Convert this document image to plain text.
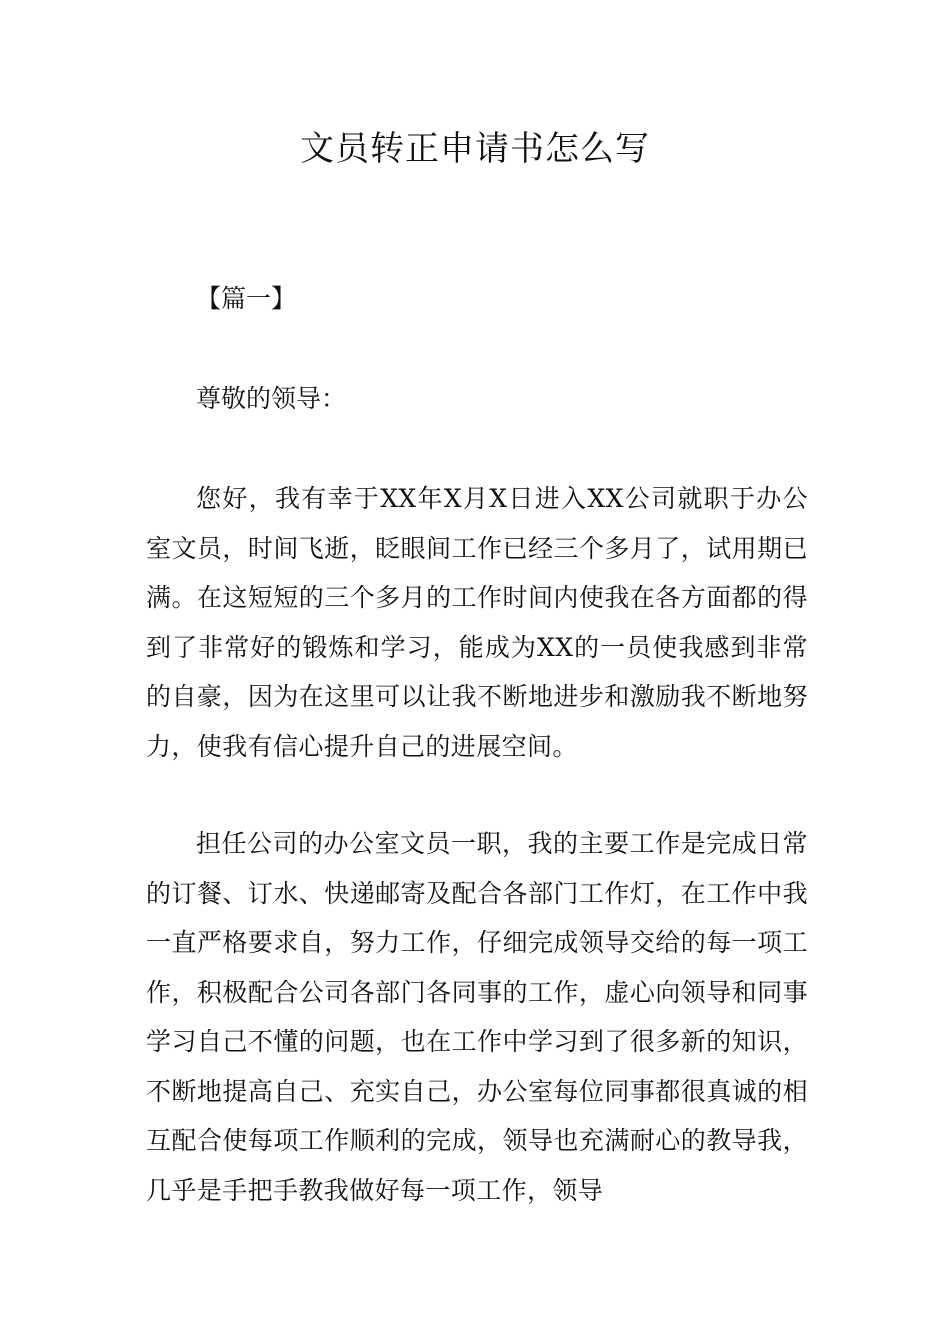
文员转正申请书怎么写

【篇一】

尊敬的领导：

您好，我有幸于XX年X月X日进入XX公司就职于办公室文员，时间飞逝，眨眼间工作已经三个多月了，试用期已满。在这短短的三个多月的工作时间内使我在各方面都的得到了非常好的锻炼和学习，能成为XX的一员使我感到非常的自豪，因为在这里可以让我不断地进步和激励我不断地努力，使我有信心提升自己的进展空间。

担任公司的办公室文员一职，我的主要工作是完成日常的订餐、订水、快递邮寄及配合各部门工作灯，在工作中我一直严格要求自，努力工作，仔细完成领导交给的每一项工作，积极配合公司各部门各同事的工作，虚心向领导和同事学习自己不懂的问题，也在工作中学习到了很多新的知识，不断地提高自己、充实自己，办公室每位同事都很真诚的相互配合使每项工作顺利的完成，领导也充满耐心的教导我，几乎是手把手教我做好每一项工作，领导
